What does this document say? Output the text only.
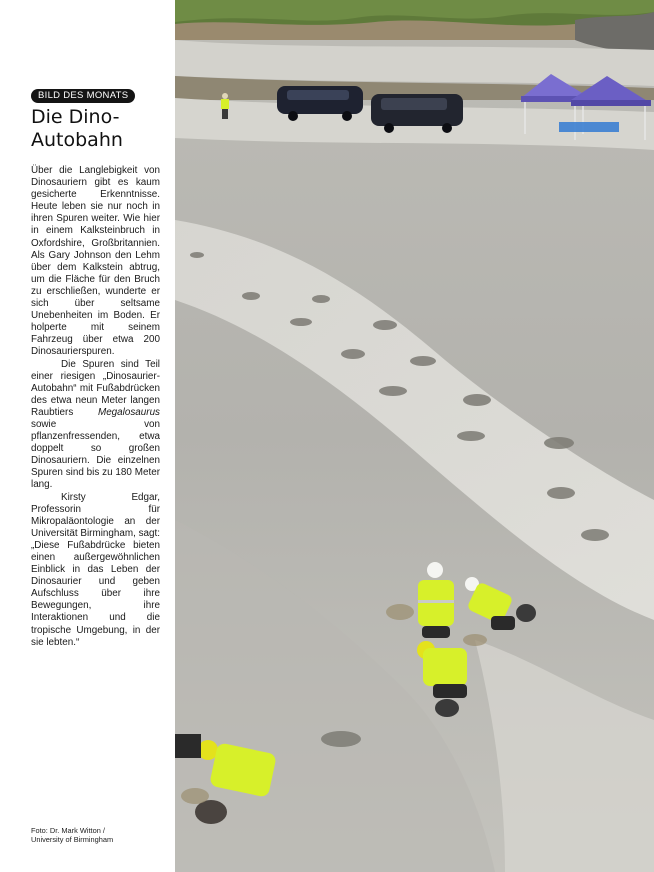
BILD DES MONATS
Die Dino-
Autobahn

Über die Langlebigkeit von Dinosauriern gibt es kaum gesicherte Erkenntnisse. Heute leben sie nur noch in ihren Spuren weiter. Wie hier in einem Kalksteinbruch in Oxfordshire, Großbritannien. Als Gary Johnson den Lehm über dem Kalkstein abtrug, um die Fläche für den Bruch zu erschließen, wunderte er sich über seltsame Unebenheiten im Boden. Er holperte mit seinem Fahrzeug über etwa 200 Dinosaurierspuren.

Die Spuren sind Teil einer riesigen „Dinosaurier-Autobahn“ mit Fußabdrücken des etwa neun Meter langen Raubtiers Megalosaurus sowie von pflanzenfressenden, etwa doppelt so großen Dinosauriern. Die einzelnen Spuren sind bis zu 180 Meter lang.

Kirsty Edgar, Professorin für Mikropaläontologie an der Universität Birmingham, sagt: „Diese Fußabdrücke bieten einen außergewöhnlichen Einblick in das Leben der Dinosaurier und geben Aufschluss über ihre Bewegungen, ihre Interaktionen und die tropische Umgebung, in der sie lebten.“

Foto: Dr. Mark Witton /
University of Birmingham
